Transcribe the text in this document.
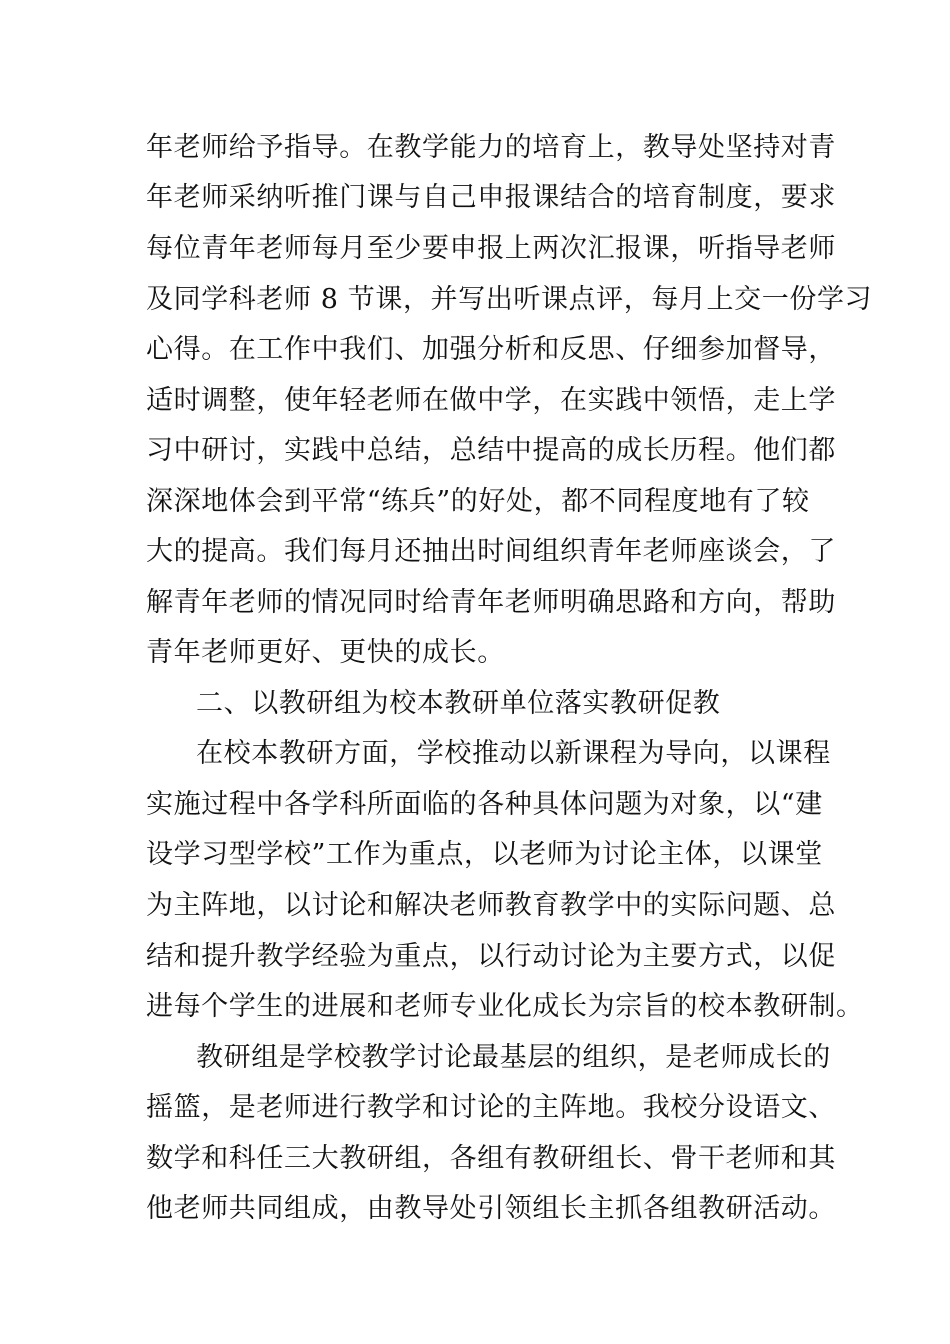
年老师给予指导。在教学能力的培育上，教导处坚持对青
年老师采纳听推门课与自己申报课结合的培育制度，要求
每位青年老师每月至少要申报上两次汇报课，听指导老师
及同学科老师 8 节课，并写出听课点评，每月上交一份学习
心得。在工作中我们、加强分析和反思、仔细参加督导，
适时调整，使年轻老师在做中学，在实践中领悟，走上学
习中研讨，实践中总结，总结中提高的成长历程。他们都
深深地体会到平常“练兵”的好处，都不同程度地有了较
大的提高。我们每月还抽出时间组织青年老师座谈会，了
解青年老师的情况同时给青年老师明确思路和方向，帮助
青年老师更好、更快的成长。
二、以教研组为校本教研单位落实教研促教
在校本教研方面，学校推动以新课程为导向，以课程
实施过程中各学科所面临的各种具体问题为对象，以“建
设学习型学校”工作为重点，以老师为讨论主体，以课堂
为主阵地，以讨论和解决老师教育教学中的实际问题、总
结和提升教学经验为重点，以行动讨论为主要方式，以促
进每个学生的进展和老师专业化成长为宗旨的校本教研制。
教研组是学校教学讨论最基层的组织，是老师成长的
摇篮，是老师进行教学和讨论的主阵地。我校分设语文、
数学和科任三大教研组，各组有教研组长、骨干老师和其
他老师共同组成，由教导处引领组长主抓各组教研活动。
